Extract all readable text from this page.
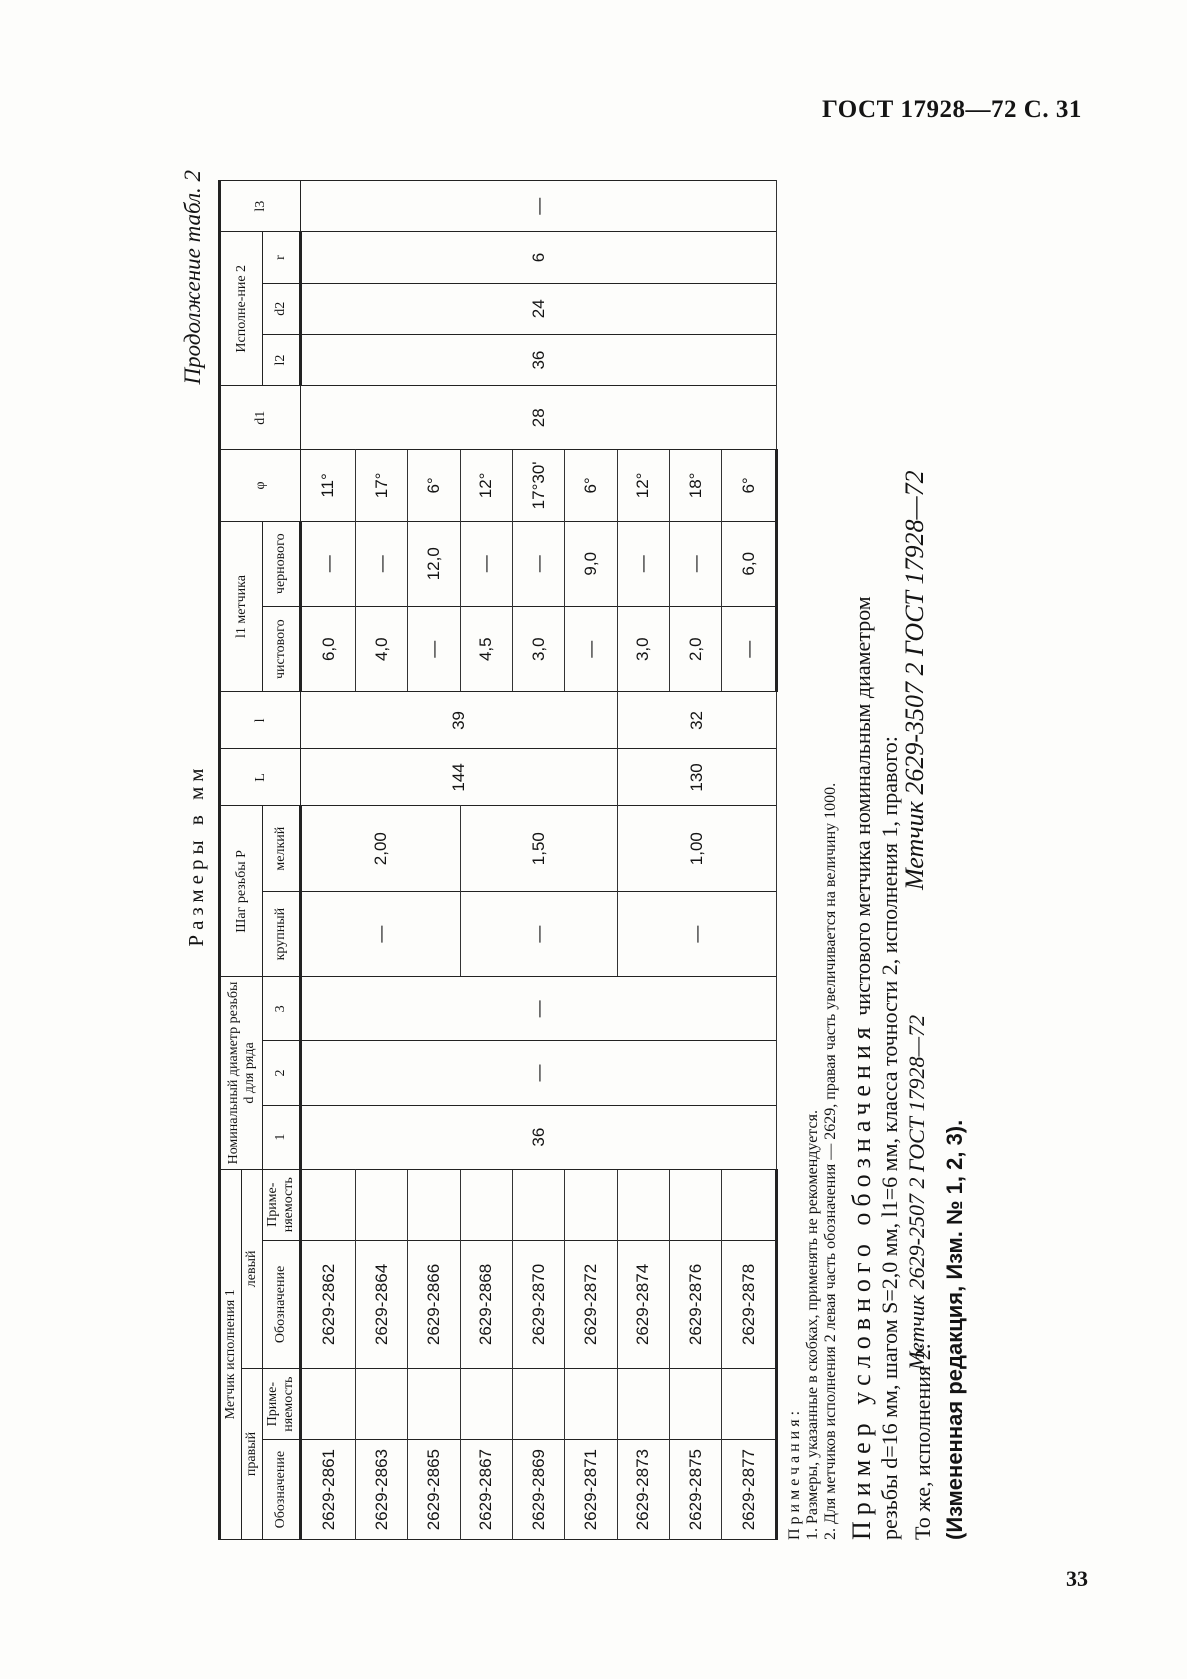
ГОСТ 17928—72 С. 31
Продолжение табл. 2
Размеры в мм
Метчик исполнения 1				Номинальный диаметр резьбы d для ряда			Шаг резьбы P		L	l	l1 метчика		φ	d1	Исполне-ние 2			l3
правый		левый																
Обозначение	Приме-няемость	Обозначение	Приме-няемость	1	2	3	крупный	мелкий			чистового	чернового			l2	d2	r	
2629-2861		2629-2862		36	—	—	—	2,00	144	39	6,0	—	11°	28	36	24	6	—
2629-2863		2629-2864									4,0	—	17°					
2629-2865		2629-2866									—	12,0	6°					
2629-2867		2629-2868					—	1,50			4,5	—	12°					
2629-2869		2629-2870									3,0	—	17°30'					
2629-2871		2629-2872									—	9,0	6°					
2629-2873		2629-2874					—	1,00	130	32	3,0	—	12°					
2629-2875		2629-2876									2,0	—	18°					
2629-2877		2629-2878									—	6,0	6°					
Примечания: 1. Размеры, указанные в скобках, применять не рекомендуется. 2. Для метчиков исполнения 2 левая часть обозначения — 2629, правая часть увеличивается на величину 1000. Пример условного обозначения чистового метчика номинальным диаметром резьбы d=16 мм, шагом S=2,0 мм, l1=6 мм, класса точности 2, исполнения 1, правого: Метчик 2629-2507 2 ГОСТ 17928—72
То же, исполнения 2:
Метчик 2629-3507 2 ГОСТ 17928—72
(Измененная редакция, Изм. № 1, 2, 3).
33
